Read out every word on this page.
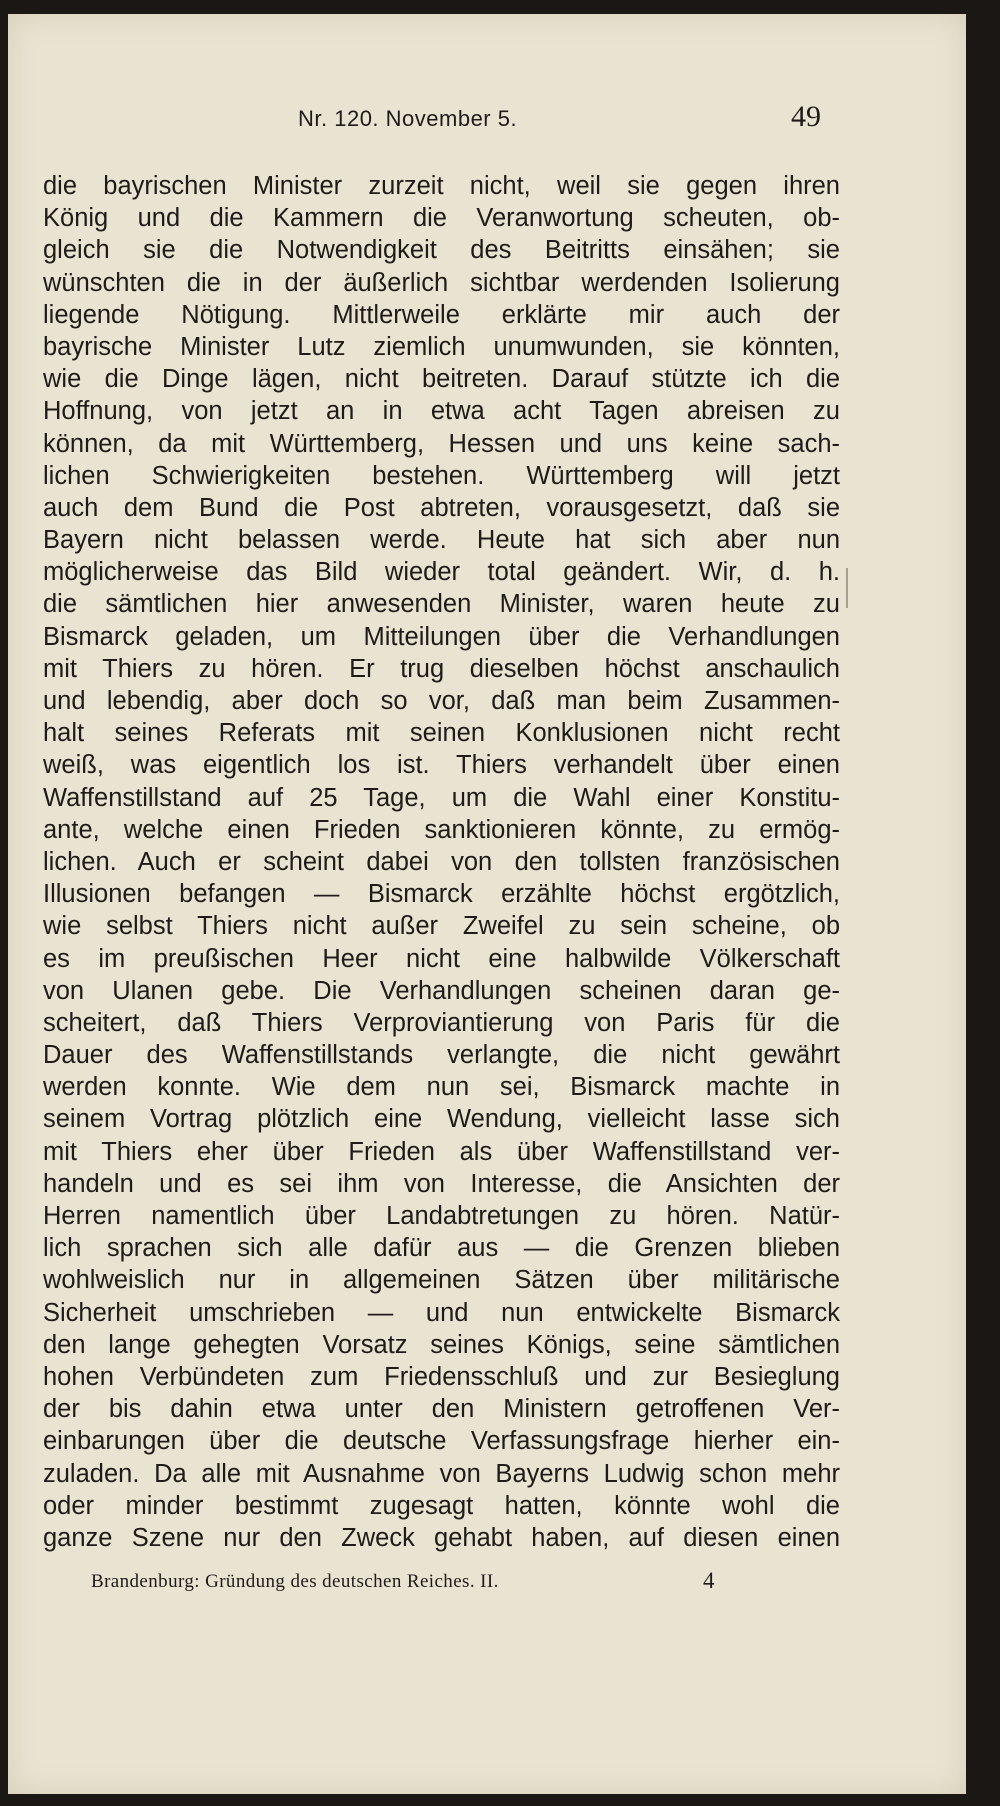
Nr. 120. November 5.	49
die bayrischen Minister zurzeit nicht, weil sie gegen ihren
König und die Kammern die Veranwortung scheuten, ob-
gleich sie die Notwendigkeit des Beitritts einsähen; sie
wünschten die in der äußerlich sichtbar werdenden Isolierung
liegende Nötigung. Mittlerweile erklärte mir auch der
bayrische Minister Lutz ziemlich unumwunden, sie könnten,
wie die Dinge lägen, nicht beitreten. Darauf stützte ich die
Hoffnung, von jetzt an in etwa acht Tagen abreisen zu
können, da mit Württemberg, Hessen und uns keine sach-
lichen Schwierigkeiten bestehen. Württemberg will jetzt
auch dem Bund die Post abtreten, vorausgesetzt, daß sie
Bayern nicht belassen werde. Heute hat sich aber nun
möglicherweise das Bild wieder total geändert. Wir, d. h.
die sämtlichen hier anwesenden Minister, waren heute zu
Bismarck geladen, um Mitteilungen über die Verhandlungen
mit Thiers zu hören. Er trug dieselben höchst anschaulich
und lebendig, aber doch so vor, daß man beim Zusammen-
halt seines Referats mit seinen Konklusionen nicht recht
weiß, was eigentlich los ist. Thiers verhandelt über einen
Waffenstillstand auf 25 Tage, um die Wahl einer Konstitu-
ante, welche einen Frieden sanktionieren könnte, zu ermög-
lichen. Auch er scheint dabei von den tollsten französischen
Illusionen befangen — Bismarck erzählte höchst ergötzlich,
wie selbst Thiers nicht außer Zweifel zu sein scheine, ob
es im preußischen Heer nicht eine halbwilde Völkerschaft
von Ulanen gebe. Die Verhandlungen scheinen daran ge-
scheitert, daß Thiers Verproviantierung von Paris für die
Dauer des Waffenstillstands verlangte, die nicht gewährt
werden konnte. Wie dem nun sei, Bismarck machte in
seinem Vortrag plötzlich eine Wendung, vielleicht lasse sich
mit Thiers eher über Frieden als über Waffenstillstand ver-
handeln und es sei ihm von Interesse, die Ansichten der
Herren namentlich über Landabtretungen zu hören. Natür-
lich sprachen sich alle dafür aus — die Grenzen blieben
wohlweislich nur in allgemeinen Sätzen über militärische
Sicherheit umschrieben — und nun entwickelte Bismarck
den lange gehegten Vorsatz seines Königs, seine sämtlichen
hohen Verbündeten zum Friedensschluß und zur Besieglung
der bis dahin etwa unter den Ministern getroffenen Ver-
einbarungen über die deutsche Verfassungsfrage hierher ein-
zuladen. Da alle mit Ausnahme von Bayerns Ludwig schon mehr
oder minder bestimmt zugesagt hatten, könnte wohl die
ganze Szene nur den Zweck gehabt haben, auf diesen einen
Brandenburg: Gründung des deutschen Reiches. II.	4
